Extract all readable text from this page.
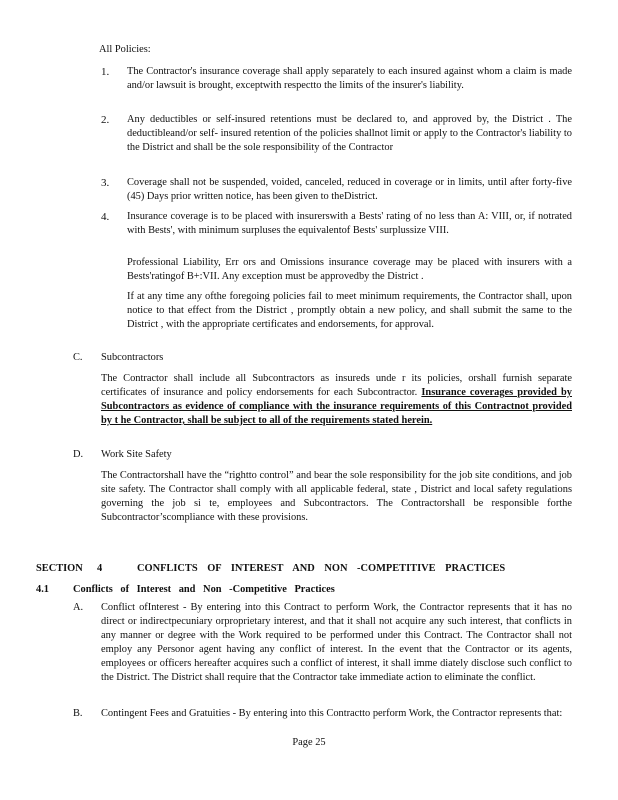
All Policies:
1. The Contractor's insurance coverage shall apply separately to each insured against whom a claim is made and/or lawsuit is brought, exceptwith respectto the limits of the insurer's liability.
2. Any deductibles or self-insured retentions must be declared to, and approved by, the District . The deductibleand/or self- insured retention of the policies shallnot limit or apply to the Contractor's liability to the District and shall be the sole responsibility of the Contractor
3. Coverage shall not be suspended, voided, canceled, reduced in coverage or in limits, until after forty-five (45) Days prior written notice, has been given to theDistrict.
4. Insurance coverage is to be placed with insurerswith a Bests' rating of no less than A: VIII, or, if notrated with Bests', with minimum surpluses the equivalentof Bests' surplussize VIII.
Professional Liability, Err ors and Omissions insurance coverage may be placed with insurers with a Bests'ratingof B+:VII. Any exception must be approvedby the District .
If at any time any ofthe foregoing policies fail to meet minimum requirements, the Contractor shall, upon notice to that effect from the District , promptly obtain a new policy, and shall submit the same to the District , with the appropriate certificates and endorsements, for approval.
C. Subcontractors
The Contractor shall include all Subcontractors as insureds unde r its policies, orshall furnish separate certificates of insurance and policy endorsements for each Subcontractor. Insurance coverages provided by Subcontractors as evidence of compliance with the insurance requirements of this Contractnot provided by t he Contractor, shall be subject to all of the requirements stated herein.
D. Work Site Safety
The Contractorshall have the “rightto control” and bear the sole responsibility for the job site conditions, and job site safety. The Contractor shall comply with all applicable federal, state , District and local safety regulations governing the job si te, employees and Subcontractors. The Contractorshall be responsible forthe Subcontractor’scompliance with these provisions.
SECTION 4	CONFLICTS OF INTEREST AND NON -COMPETITIVE PRACTICES
4.1 Conflicts of Interest and Non -Competitive Practices
A. Conflict ofInterest - By entering into this Contract to perform Work, the Contractor represents that it has no direct or indirectpecuniary orproprietary interest, and that it shall not acquire any such interest, that conflicts in any manner or degree with the Work required to be performed under this Contract. The Contractor shall not employ any Personor agent having any conflict of interest. In the event that the Contractor or its agents, employees or officers hereafter acquires such a conflict of interest, it shall imme diately disclose such conflict to the District. The District shall require that the Contractor take immediate action to eliminate the conflict.
B. Contingent Fees and Gratuities - By entering into this Contractto perform Work, the Contractor represents that:
Page 25
